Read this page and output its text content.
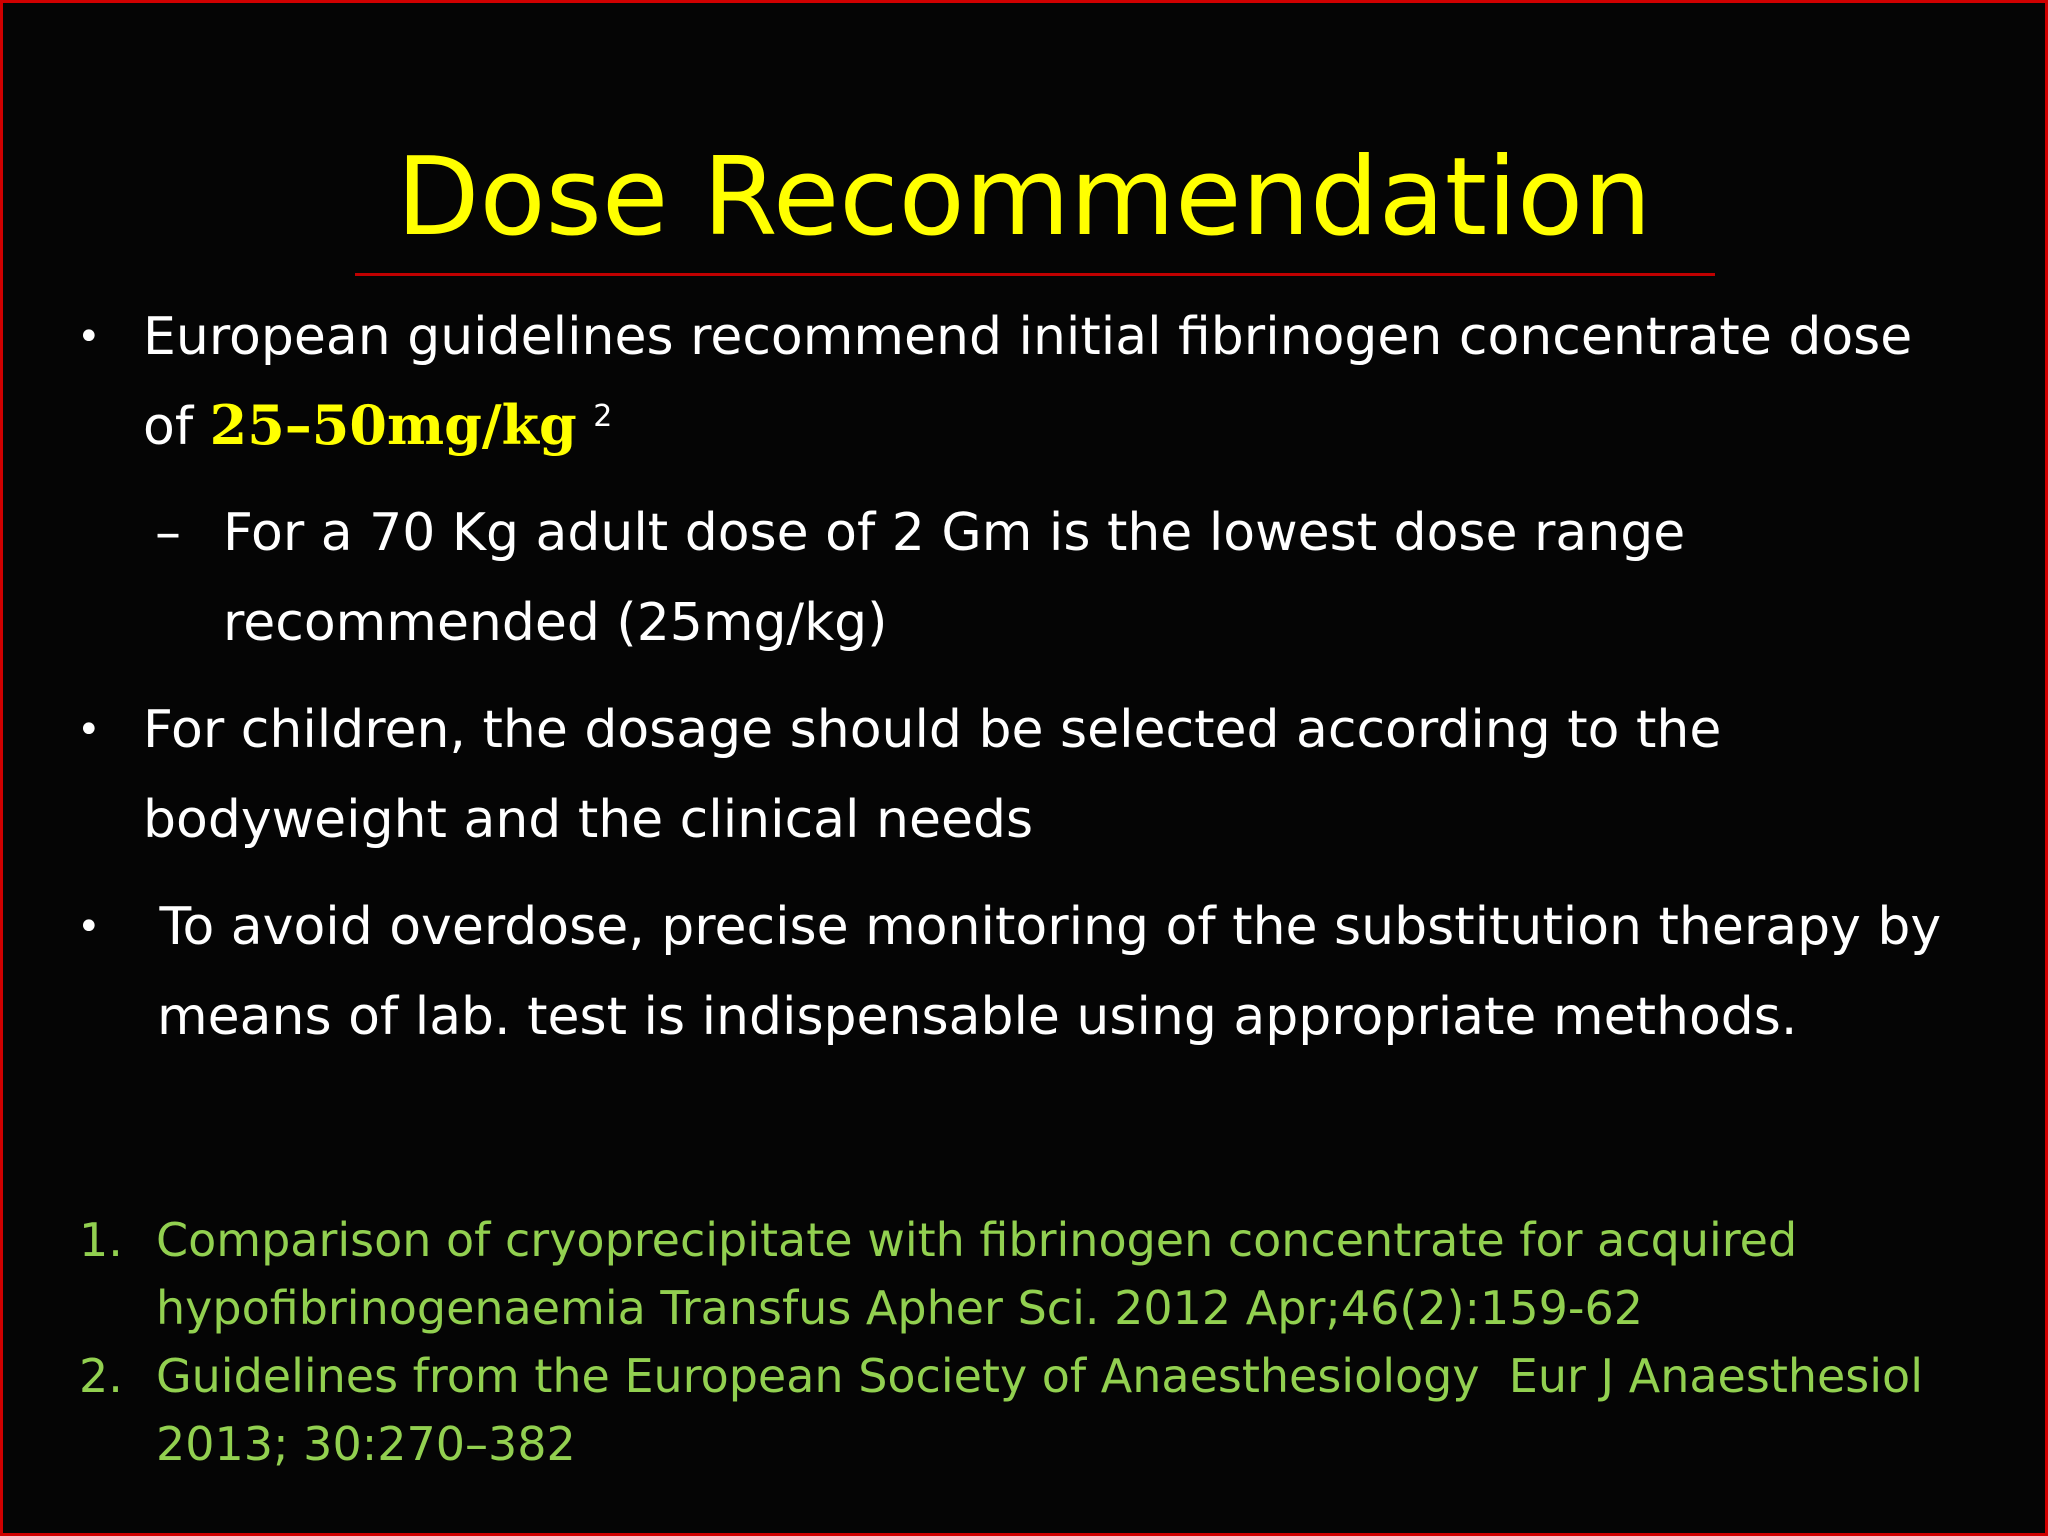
Dose Recommendation
• European guidelines recommend initial fibrinogen concentrate dose
of 25–50mg/kg $^2$
– For a 70 Kg adult dose of 2 Gm is the lowest dose range
recommended (25mg/kg)
• For children, the dosage should be selected according to the
bodyweight and the clinical needs
• To avoid overdose, precise monitoring of the substitution therapy by
means of lab. test is indispensable using appropriate methods.
1. Comparison of cryoprecipitate with fibrinogen concentrate for acquired
hypofibrinogenaemia Transfus Apher Sci. 2012 Apr;46(2):159-62
2. Guidelines from the European Society of Anaesthesiology  Eur J Anaesthesiol
2013; 30:270–382
